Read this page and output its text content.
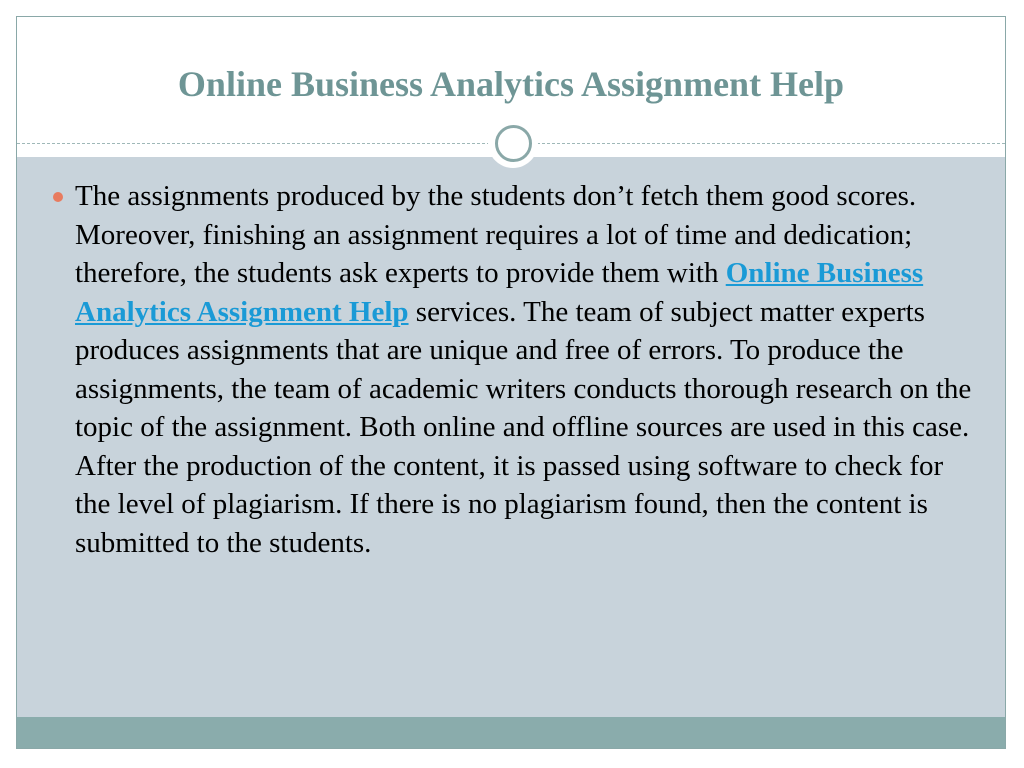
Online Business Analytics Assignment Help
The assignments produced by the students don’t fetch them good scores. Moreover, finishing an assignment requires a lot of time and dedication; therefore, the students ask experts to provide them with Online Business Analytics Assignment Help services. The team of subject matter experts produces assignments that are unique and free of errors. To produce the assignments, the team of academic writers conducts thorough research on the topic of the assignment. Both online and offline sources are used in this case. After the production of the content, it is passed using software to check for the level of plagiarism. If there is no plagiarism found, then the content is submitted to the students.
